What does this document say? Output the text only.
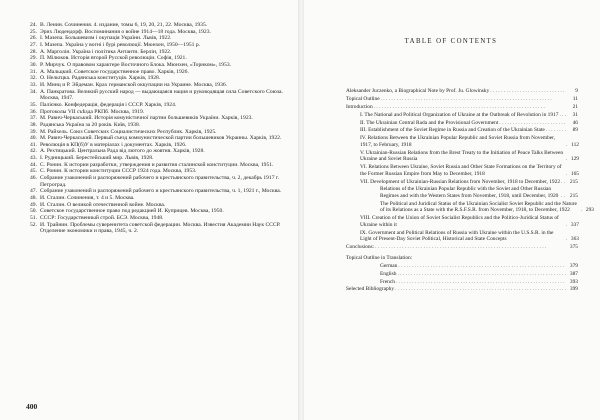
24. В. Ленин. Сочинения. 4. издание, томы 6, 19, 20, 21, 22. Москва, 1935.
25. Эрих Людендорф. Воспоминания о войне 1914—18 года. Москва, 1923.
26. І. Мазепа. Большевизм і окупація України. Львів, 1922.
27. І. Мазепа. Україна у вогні і бурі революції. Мюнхен, 1950—1951 р.
28. А. Марголін. Україна і політика Антанти. Берлін, 1922.
29. П. Мілюков. Исторія второй Русской революціи. Софія, 1921.
30. Р. Мирчук. О правовом характере Восточного Блока. Мюнхен, «Торнком», 1953.
31. А. Мальцкий. Советское государственное право. Харків, 1926.
32. О. Нельтцка. Радянська конституція. Харків, 1928.
33. И. Минц и Р. Эйдеман. Крах германской оккупации на Украине. Москва, 1936.
34. А. Панкратова. Великий русский народ — выдающаяся нация и руководящая сила Советского Союза. Москва, 1947.
35. Палієнко. Конфедерація, федерація і СССР. Харків, 1924.
36. Протоколы VII съѣзда РКПб. Москва, 1919.
37. М. Равич-Черкаський. Исторія комуністичної партии большевиків України. Харків, 1923.
38. Радянська Україна за 20 років. Київ, 1938.
39. М. Райхель. Союз Советских Социалистических Республик. Харків, 1925.
40. М. Равич-Черкаський. Первый съезд коммунистической партии большевиков Украины. Харків, 1922.
41. Революція в КП(б)У в матеріалах і документах. Харків, 1926.
42. А. Рехтицький. Центральна Рада від лютого до жовтня. Харків, 1928.
43. І. Рудницький. Берестейський мир. Львів, 1928.
44. С. Ронин. К истории разработки, утверждения и развития сталинской конституции. Москва, 1951.
45. С. Ронин. К истории конституции СССР 1924 года. Москва, 1953.
46. Собрание узаконений и распоряжений рабочего и крестьянского правительства, ч. 2, декабрь 1917 г. Петроград.
47. Собрание узаконений и распоряжений рабочего и крестьянского правительства, ч. 1, 1921 г., Москва.
48. И. Сталин. Сочинения, т. 4 и 5. Москва.
49. И. Сталин. О великой отечественной войне. Москва.
50. Советское государственное право под редакцией И. Куприцев. Москва, 1950.
51. СССР: Государственный строй. БСЭ. Москва, 1948.
52. И. Трайнин. Проблемы суверенитета советской федерации. Москва. Известия Академии Наук СССР. Отделение экономики и права, 1945, ч. 2.
400
TABLE OF CONTENTS
Aleksander Juczenko, a Biographical Note by Prof. Ju. Glowinsky . . .	9
Topical Outline . . .	11
Introduction . . .	21
I. The National and Political Organization of Ukraine at the Outbreak of Revolution in 1917 . . .	31
II. The Ukrainian Central Rada and the Provisional Government . . .	46
III. Establishment of the Soviet Regime in Russia and Creation of the Ukrainian State . . .	89
IV. Relations Between the Ukrainian Popular Republic and Soviet Russia from November, 1917, to February, 1918 . . .	112
V. Ukrainian-Russian Relations from the Brest Treaty to the Initiation of Peace Talks Between Ukraine and Soviet Russia . . .	129
VI. Relations Between Ukraine, Soviet Russia and Other State Formations on the Territory of the Former Russian Empire from May to December, 1918 . . .	165
VII. Development of Ukrainian-Russian Relations from November, 1918 to December, 1922 . . .	215
Relations of the Ukrainian Popular Republic with the Soviet and Other Russian Regimes and with the Western States from November, 1918, until December, 1920 . . .	215
The Political and Juridical Status of the Ukrainian Socialist Soviet Republic and the Nature of its Relations as a State with the R.S.F.S.R. from November, 1918, to December, 1922 . . .	293
VIII. Creation of the Union of Soviet Socialist Republics and the Politico-Juridical Status of Ukraine within it . . .	337
IX. Government and Political Relations of Russia with Ukraine within the U.S.S.R. in the Light of Present-Day Soviet Political, Historical and State Concepts . . .	363
Conclusions: . . .	375
Topical Outline in Translation:
German . . .	379
English . . .	387
French . . .	393
Selected Bibliography . . .	399
